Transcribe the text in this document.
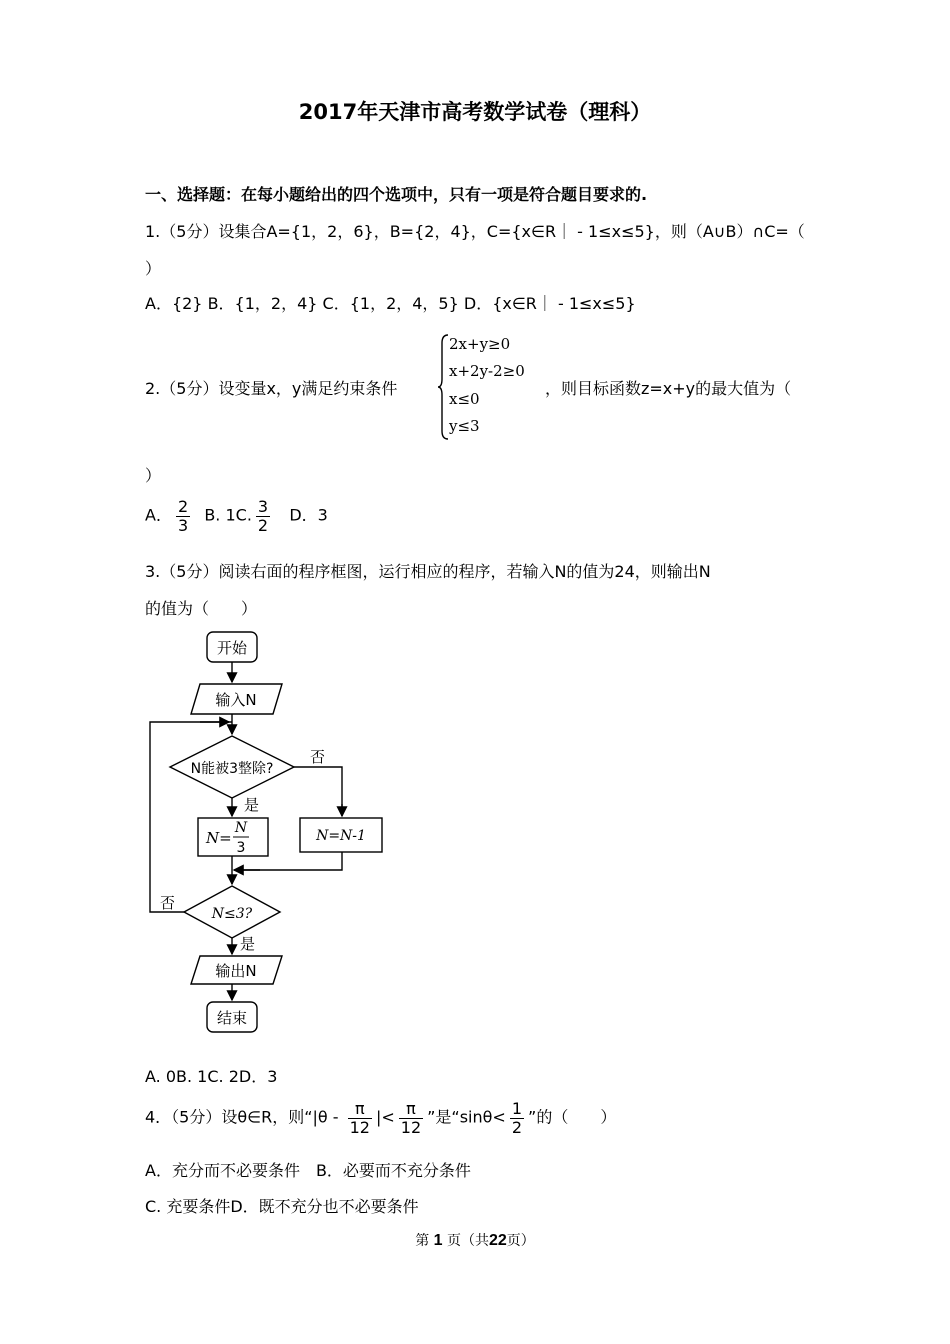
2017年天津市高考数学试卷（理科）
一、选择题：在每小题给出的四个选项中，只有一项是符合题目要求的.
1.（5分）设集合A={1，2，6}，B={2，4}，C={x∈R｜ - 1≤x≤5}，则（A∪B）∩C=（
）
A．{2} B．{1，2，4} C．{1，2，4，5} D．{x∈R｜ - 1≤x≤5}
2.（5分）设变量x，y满足约束条件
2x+y≥0
x+2y-2≥0
x≤0
y≤3
，则目标函数z=x+y的最大值为（
）
A． $\frac{2}{3} B$. 1C. $\frac{3}{2}$ D．3
3.（5分）阅读右面的程序框图，运行相应的程序，若输入N的值为24，则输出N
的值为（　　）
开始
输入N
N能被3整除?
否
是
N=
N
3
N=N-1
N≤3?
否
是
输出N
结束
A. 0B. 1C. 2D．3
4．（5分）设θ∈R，则“$|\theta - \frac{\pi}{12}$ |< $\frac{\pi}{12}$ ”是“$\sin\theta< \frac{1}{2}$ ”的（　　）
A．充分而不必要条件　B．必要而不充分条件
C. 充要条件D．既不充分也不必要条件
第 1 页（共22页）
